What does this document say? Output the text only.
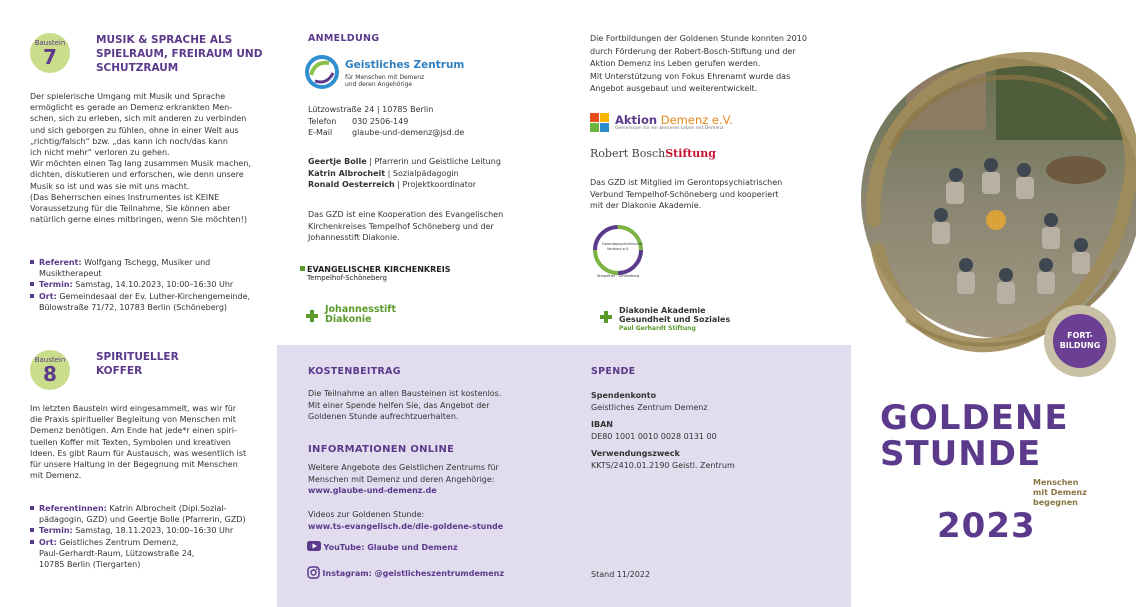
Baustein
7
MUSIK & SPRACHE ALS
SPIELRAUM, FREIRAUM UND
SCHUTZRAUM
Der spielerische Umgang mit Musik und Sprache
ermöglicht es gerade an Demenz erkrankten Men-
schen, sich zu erleben, sich mit anderen zu verbinden
und sich geborgen zu fühlen, ohne in einer Welt aus
„richtig/falsch“ bzw. „das kann ich noch/das kann
ich nicht mehr“ verloren zu gehen.
Wir möchten einen Tag lang zusammen Musik machen,
dichten, diskutieren und erforschen, wie denn unsere
Musik so ist und was sie mit uns macht.
(Das Beherrschen eines Instrumentes ist KEINE
Voraussetzung für die Teilnahme, Sie können aber
natürlich gerne eines mitbringen, wenn Sie möchten!)
Referent: Wolfgang Tschegg, Musiker und
Musiktherapeut
Termin: Samstag, 14.10.2023, 10:00–16:30 Uhr
Ort: Gemeindesaal der Ev. Luther-Kirchengemeinde,
Bülowstraße 71/72, 10783 Berlin (Schöneberg)
Baustein
8
SPIRITUELLER
KOFFER
Im letzten Baustein wird eingesammelt, was wir für
die Praxis spiritueller Begleitung von Menschen mit
Demenz benötigen. Am Ende hat jede*r einen spiri-
tuellen Koffer mit Texten, Symbolen und kreativen
Ideen. Es gibt Raum für Austausch, was wesentlich ist
für unsere Haltung in der Begegnung mit Menschen
mit Demenz.
Referentinnen: Katrin Albrocheit (Dipl.Sozial-
pädagogin, GZD) und Geertje Bolle (Pfarrerin, GZD)
Termin: Samstag, 18.11.2023, 10:00–16:30 Uhr
Ort: Geistliches Zentrum Demenz,
Paul-Gerhardt-Raum, Lützowstraße 24,
10785 Berlin (Tiergarten)
ANMELDUNG
Geistliches Zentrum
für Menschen mit Demenz
und deren Angehörige
Lützowstraße 24 | 10785 Berlin
Telefon 030 2506-149
E-Mail glaube-und-demenz@jsd.de
Geertje Bolle | Pfarrerin und Geistliche Leitung
Katrin Albrocheit | Sozialpädagogin
Ronald Oesterreich | Projektkoordinator
Das GZD ist eine Kooperation des Evangelischen
Kirchenkreises Tempelhof Schöneberg und der
Johannesstift Diakonie.
EVANGELISCHER KIRCHENKREIS
Tempelhof-Schöneberg
Johannesstift
Diakonie
Die Fortbildungen der Goldenen Stunde konnten 2010
durch Förderung der Robert-Bosch-Stiftung und der
Aktion Demenz ins Leben gerufen werden.
Mit Unterstützung von Fokus Ehrenamt wurde das
Angebot ausgebaut und weiterentwickelt.
Aktion Demenz e.V.
Gemeinsam für ein besseres Leben mit Demenz
Robert BoschStiftung
Das GZD ist Mitglied im Gerontopsychiatrischen
Verbund Tempelhof-Schöneberg und kooperiert
mit der Diakonie Akademie.
Gerontopsychiatrischer
Verbund e.V.
Tempelhof · Schöneberg
Diakonie Akademie
Gesundheit und Soziales
Paul Gerhardt Stiftung
KOSTENBEITRAG
Die Teilnahme an allen Bausteinen ist kostenlos.
Mit einer Spende helfen Sie, das Angebot der
Goldenen Stunde aufrechtzuerhalten.
INFORMATIONEN ONLINE
Weitere Angebote des Geistlichen Zentrums für
Menschen mit Demenz und deren Angehörige:
www.glaube-und-demenz.de
Videos zur Goldenen Stunde:
www.ts-evangelisch.de/die-goldene-stunde
YouTube: Glaube und Demenz
Instagram: @geistlicheszentrumdemenz
SPENDE
Spendenkonto
Geistliches Zentrum Demenz
IBAN
DE80 1001 0010 0028 0131 00
Verwendungszweck
KKTS/2410.01.2190 Geistl. Zentrum
Stand 11/2022
FORT-
BILDUNG
GOLDENE
STUNDE
Menschen
mit Demenz
begegnen
2023
